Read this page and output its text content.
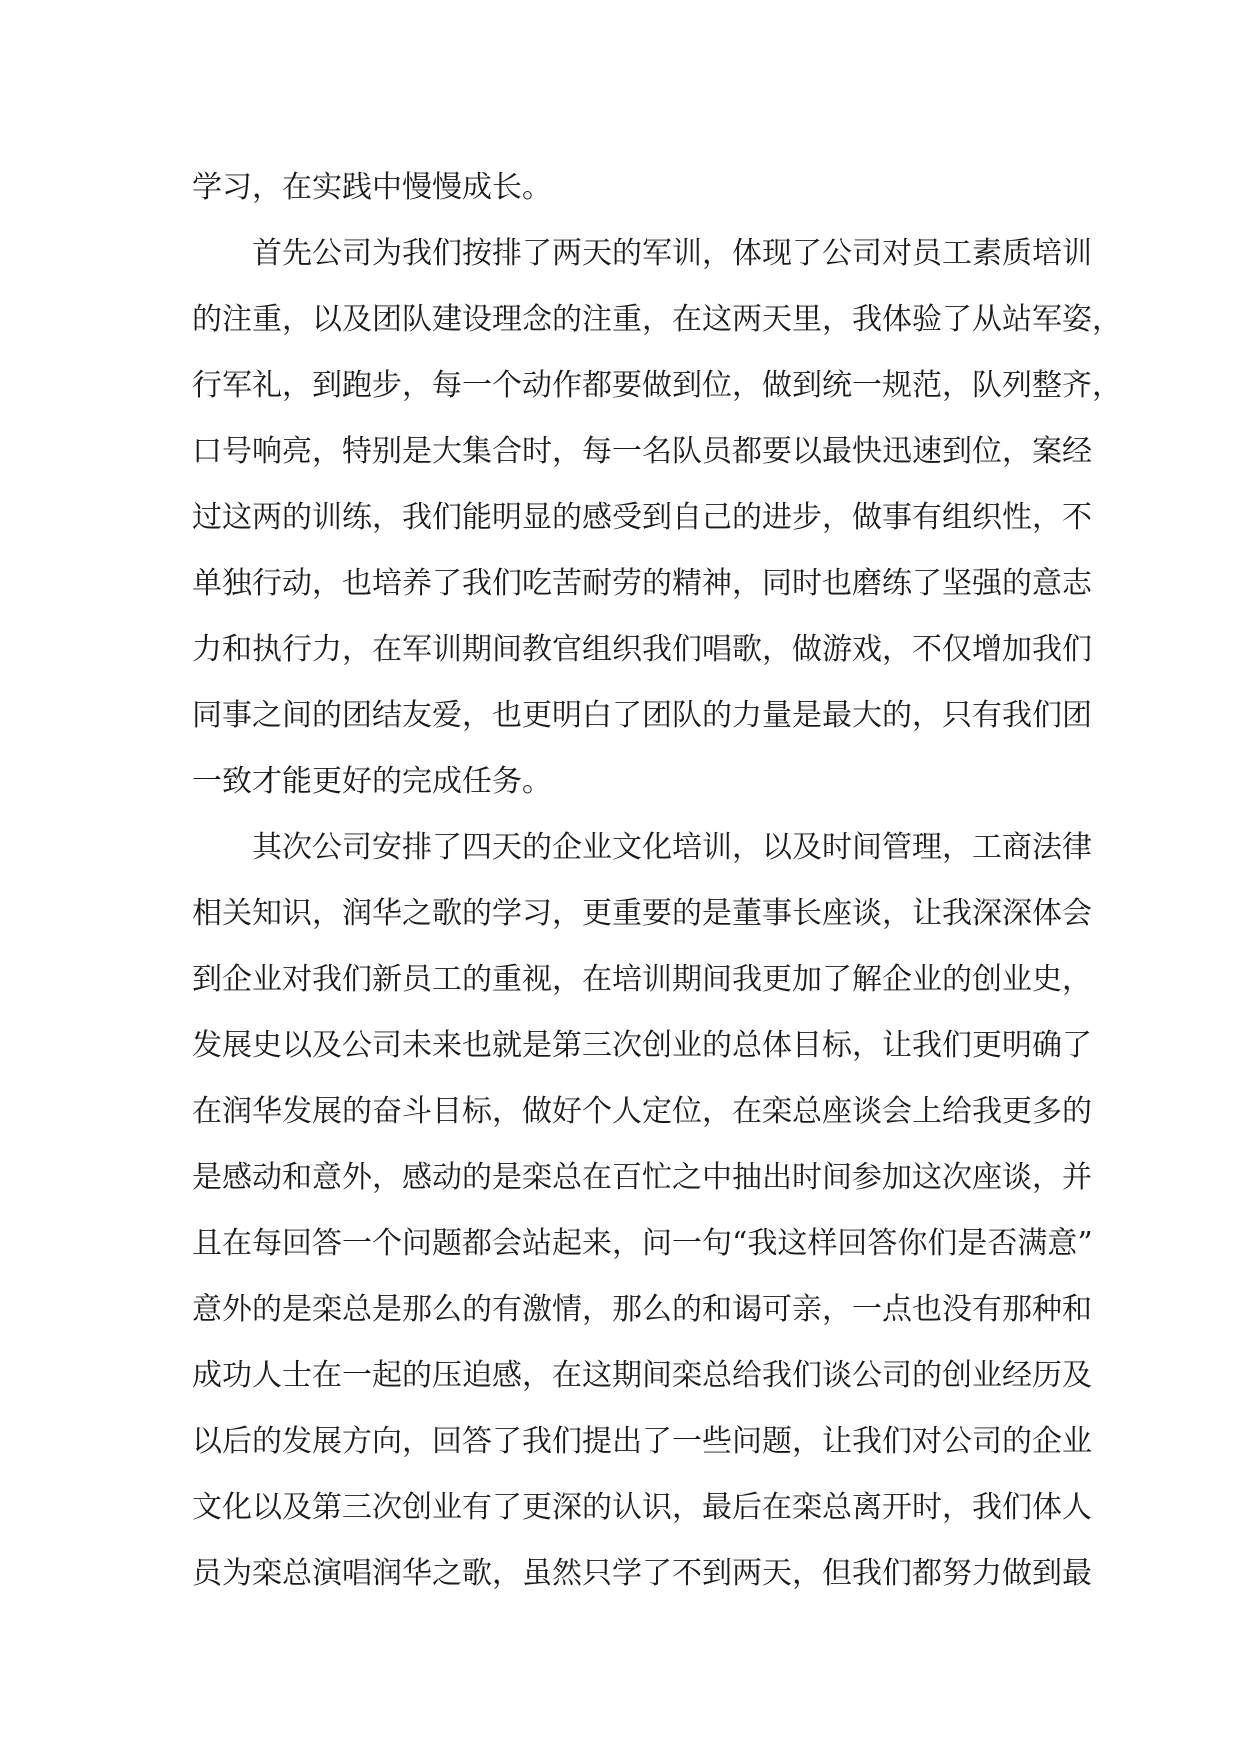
学习，在实践中慢慢成长。
首先公司为我们按排了两天的军训，体现了公司对员工素质培训
的注重，以及团队建设理念的注重，在这两天里，我体验了从站军姿，
行军礼，到跑步，每一个动作都要做到位，做到统一规范，队列整齐，
口号响亮，特别是大集合时，每一名队员都要以最快迅速到位，案经
过这两的训练，我们能明显的感受到自己的进步，做事有组织性，不
单独行动，也培养了我们吃苦耐劳的精神，同时也磨练了坚强的意志
力和执行力，在军训期间教官组织我们唱歌，做游戏，不仅增加我们
同事之间的团结友爱，也更明白了团队的力量是最大的，只有我们团
一致才能更好的完成任务。
其次公司安排了四天的企业文化培训，以及时间管理，工商法律
相关知识，润华之歌的学习，更重要的是董事长座谈，让我深深体会
到企业对我们新员工的重视，在培训期间我更加了解企业的创业史，
发展史以及公司未来也就是第三次创业的总体目标，让我们更明确了
在润华发展的奋斗目标，做好个人定位，在栾总座谈会上给我更多的
是感动和意外，感动的是栾总在百忙之中抽出时间参加这次座谈，并
且在每回答一个问题都会站起来，问一句“我这样回答你们是否满意”
意外的是栾总是那么的有激情，那么的和谒可亲，一点也没有那种和
成功人士在一起的压迫感，在这期间栾总给我们谈公司的创业经历及
以后的发展方向，回答了我们提出了一些问题，让我们对公司的企业
文化以及第三次创业有了更深的认识，最后在栾总离开时，我们体人
员为栾总演唱润华之歌，虽然只学了不到两天，但我们都努力做到最
